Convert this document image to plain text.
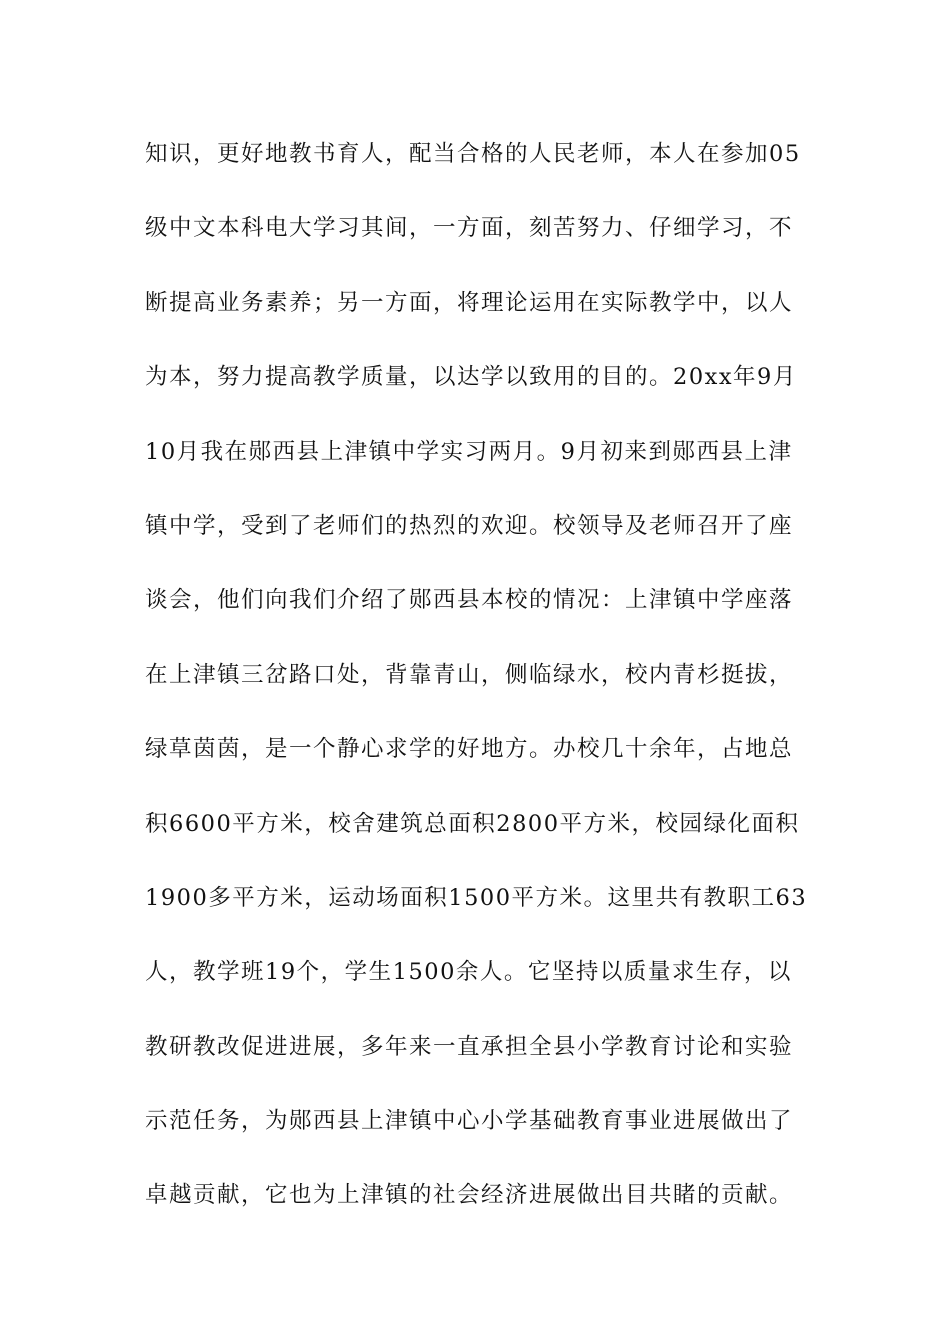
知识，更好地教书育人，配当合格的人民老师，本人在参加05
级中文本科电大学习其间，一方面，刻苦努力、仔细学习，不
断提高业务素养；另一方面，将理论运用在实际教学中，以人
为本，努力提高教学质量，以达学以致用的目的。20xx年9月
10月我在郧西县上津镇中学实习两月。9月初来到郧西县上津
镇中学，受到了老师们的热烈的欢迎。校领导及老师召开了座
谈会，他们向我们介绍了郧西县本校的情况：上津镇中学座落
在上津镇三岔路口处，背靠青山，侧临绿水，校内青杉挺拔，
绿草茵茵，是一个静心求学的好地方。办校几十余年，占地总
积6600平方米，校舍建筑总面积2800平方米，校园绿化面积
1900多平方米，运动场面积1500平方米。这里共有教职工63
人，教学班19个，学生1500余人。它坚持以质量求生存，以
教研教改促进进展，多年来一直承担全县小学教育讨论和实验
示范任务，为郧西县上津镇中心小学基础教育事业进展做出了
卓越贡献，它也为上津镇的社会经济进展做出目共睹的贡献。
